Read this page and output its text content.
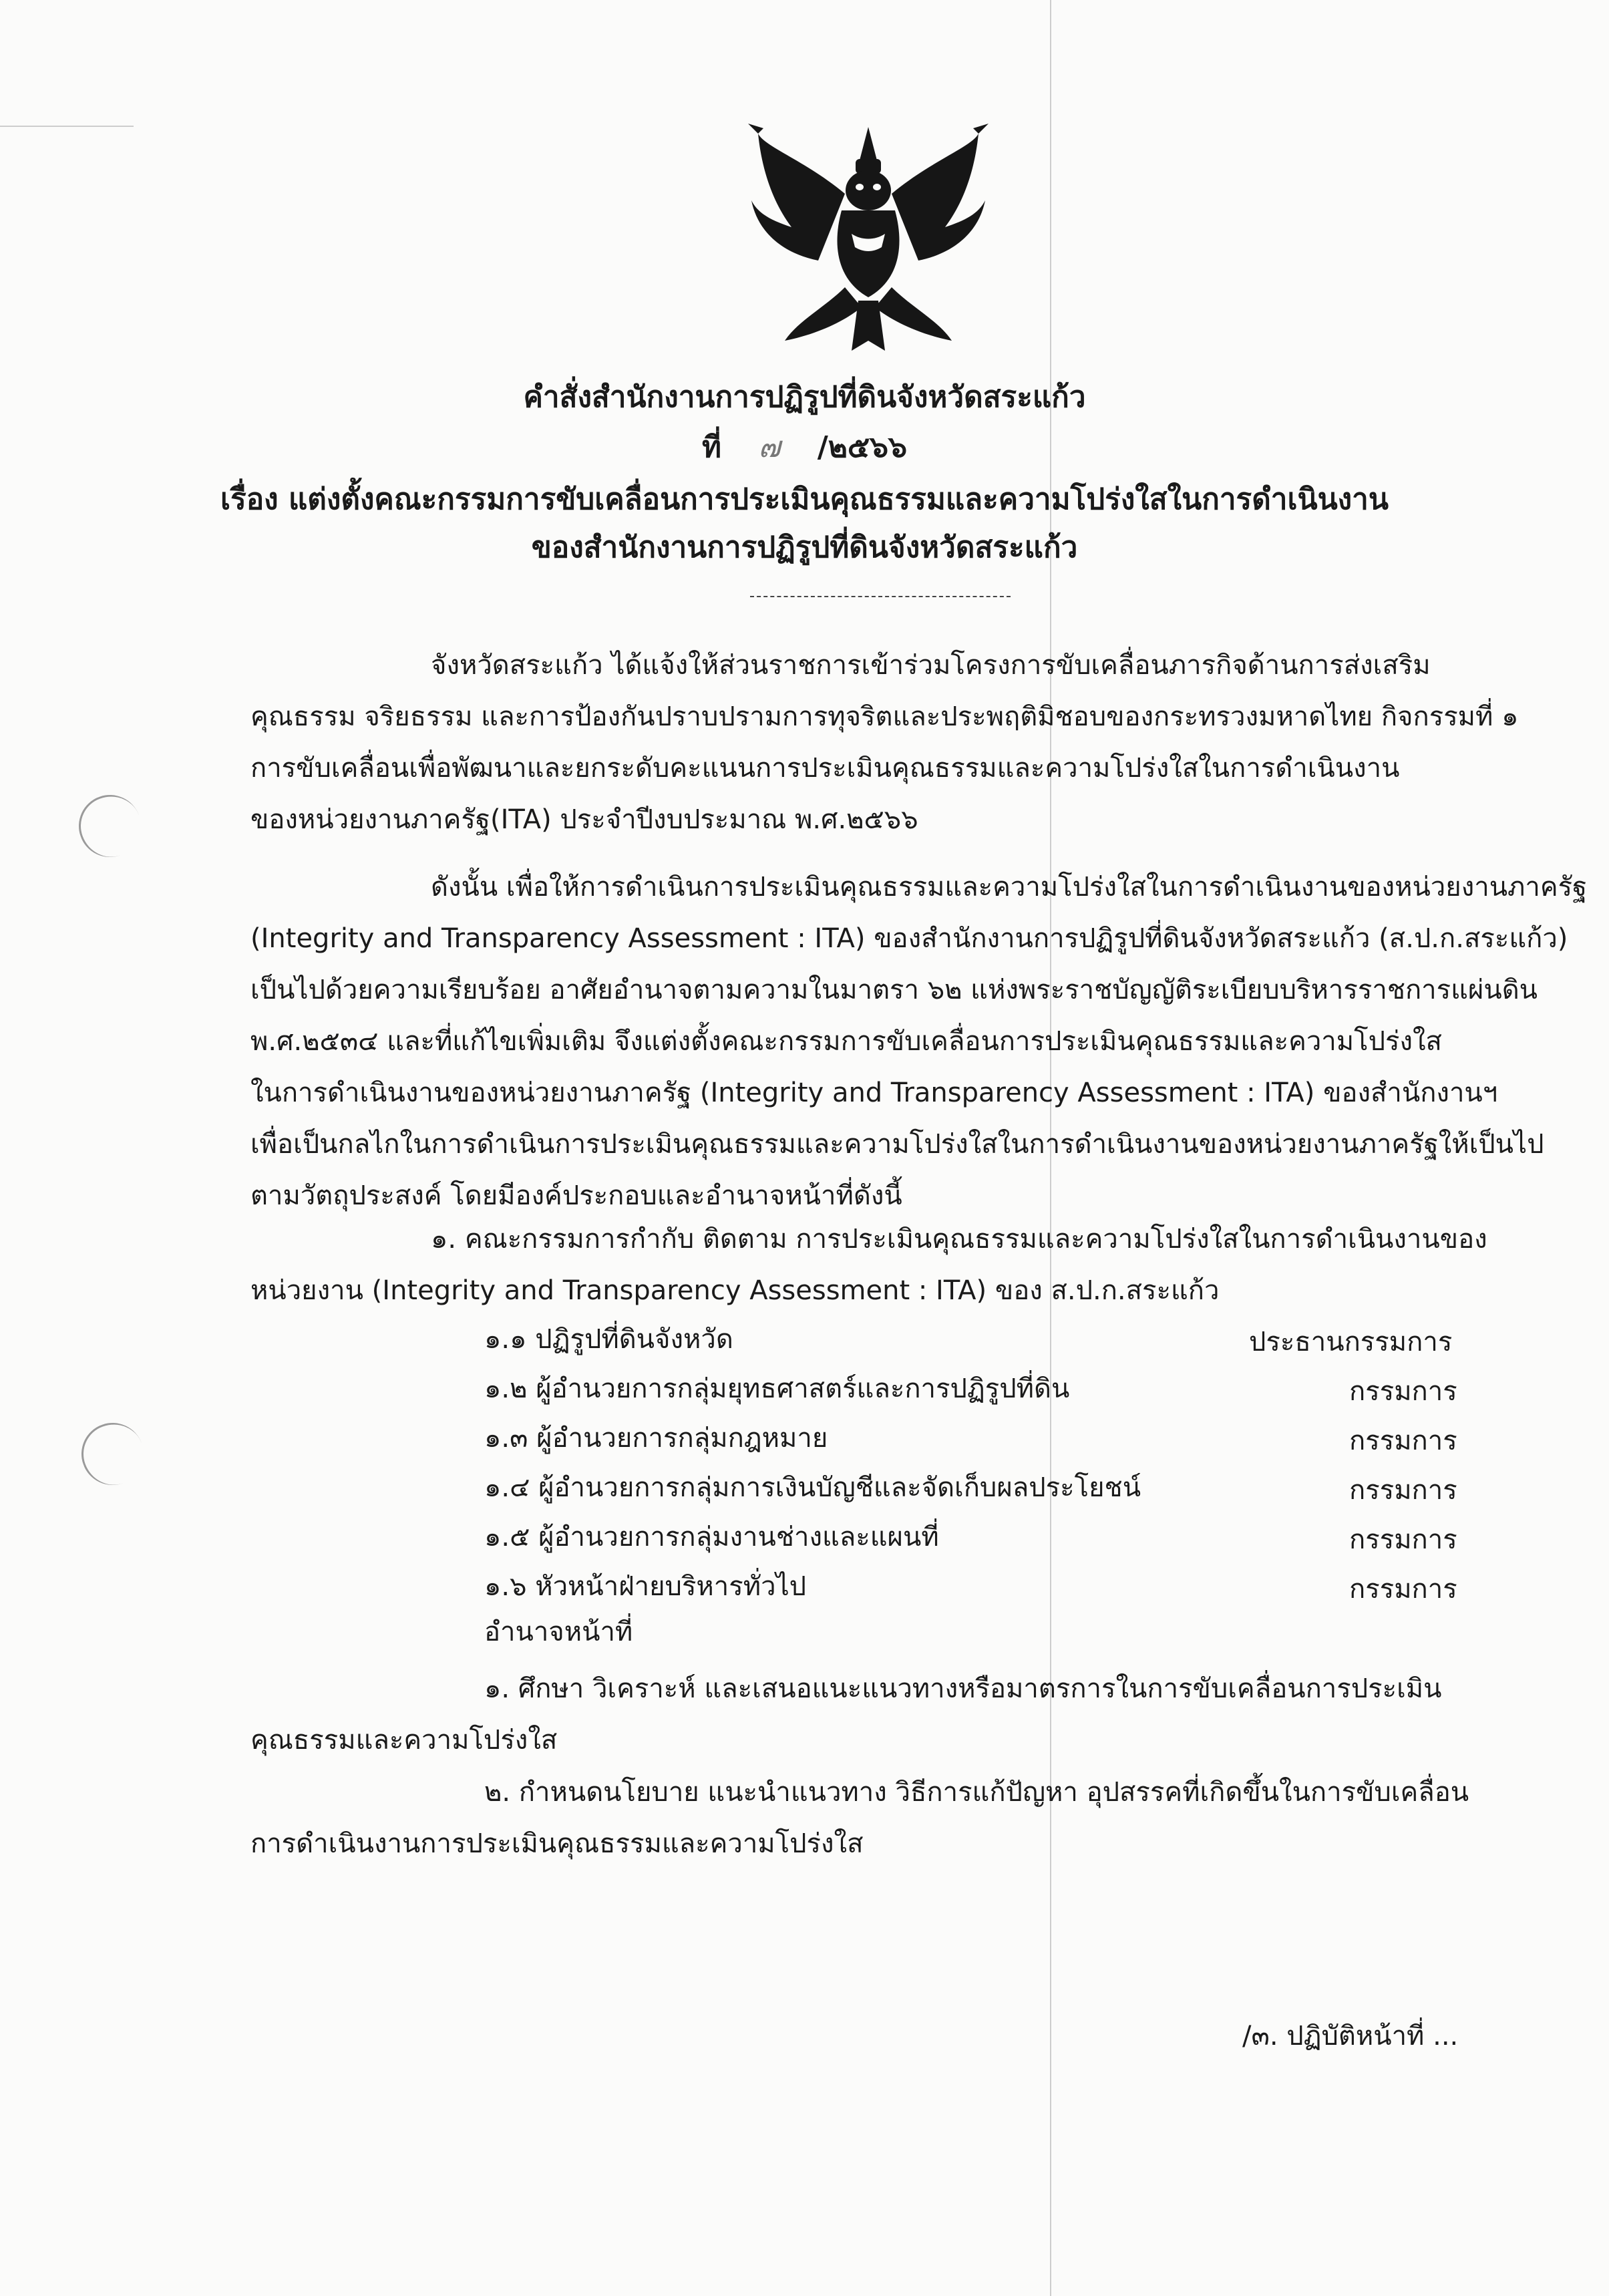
คำสั่งสำนักงานการปฏิรูปที่ดินจังหวัดสระแก้ว
ที่ ๗ /๒๕๖๖
เรื่อง แต่งตั้งคณะกรรมการขับเคลื่อนการประเมินคุณธรรมและความโปร่งใสในการดำเนินงาน
ของสำนักงานการปฏิรูปที่ดินจังหวัดสระแก้ว
จังหวัดสระแก้ว ได้แจ้งให้ส่วนราชการเข้าร่วมโครงการขับเคลื่อนภารกิจด้านการส่งเสริม
คุณธรรม จริยธรรม และการป้องกันปราบปรามการทุจริตและประพฤติมิชอบของกระทรวงมหาดไทย กิจกรรมที่ ๑
การขับเคลื่อนเพื่อพัฒนาและยกระดับคะแนนการประเมินคุณธรรมและความโปร่งใสในการดำเนินงาน
ของหน่วยงานภาครัฐ(ITA) ประจำปีงบประมาณ พ.ศ.๒๕๖๖
ดังนั้น เพื่อให้การดำเนินการประเมินคุณธรรมและความโปร่งใสในการดำเนินงานของหน่วยงานภาครัฐ
(Integrity and Transparency Assessment : ITA) ของสำนักงานการปฏิรูปที่ดินจังหวัดสระแก้ว (ส.ป.ก.สระแก้ว)
เป็นไปด้วยความเรียบร้อย อาศัยอำนาจตามความในมาตรา ๖๒ แห่งพระราชบัญญัติระเบียบบริหารราชการแผ่นดิน
พ.ศ.๒๕๓๔ และที่แก้ไขเพิ่มเติม จึงแต่งตั้งคณะกรรมการขับเคลื่อนการประเมินคุณธรรมและความโปร่งใส
ในการดำเนินงานของหน่วยงานภาครัฐ (Integrity and Transparency Assessment : ITA) ของสำนักงานฯ
เพื่อเป็นกลไกในการดำเนินการประเมินคุณธรรมและความโปร่งใสในการดำเนินงานของหน่วยงานภาครัฐให้เป็นไป
ตามวัตถุประสงค์ โดยมีองค์ประกอบและอำนาจหน้าที่ดังนี้
๑. คณะกรรมการกำกับ ติดตาม การประเมินคุณธรรมและความโปร่งใสในการดำเนินงานของ
หน่วยงาน (Integrity and Transparency Assessment : ITA) ของ ส.ป.ก.สระแก้ว
๑.๑ ปฏิรูปที่ดินจังหวัด	ประธานกรรมการ
๑.๒ ผู้อำนวยการกลุ่มยุทธศาสตร์และการปฏิรูปที่ดิน	กรรมการ
๑.๓ ผู้อำนวยการกลุ่มกฎหมาย	กรรมการ
๑.๔ ผู้อำนวยการกลุ่มการเงินบัญชีและจัดเก็บผลประโยชน์	กรรมการ
๑.๕ ผู้อำนวยการกลุ่มงานช่างและแผนที่	กรรมการ
๑.๖ หัวหน้าฝ่ายบริหารทั่วไป	กรรมการ
อำนาจหน้าที่
๑. ศึกษา วิเคราะห์ และเสนอแนะแนวทางหรือมาตรการในการขับเคลื่อนการประเมิน
คุณธรรมและความโปร่งใส
๒. กำหนดนโยบาย แนะนำแนวทาง วิธีการแก้ปัญหา อุปสรรคที่เกิดขึ้นในการขับเคลื่อน
การดำเนินงานการประเมินคุณธรรมและความโปร่งใส
/๓. ปฏิบัติหน้าที่ ...
